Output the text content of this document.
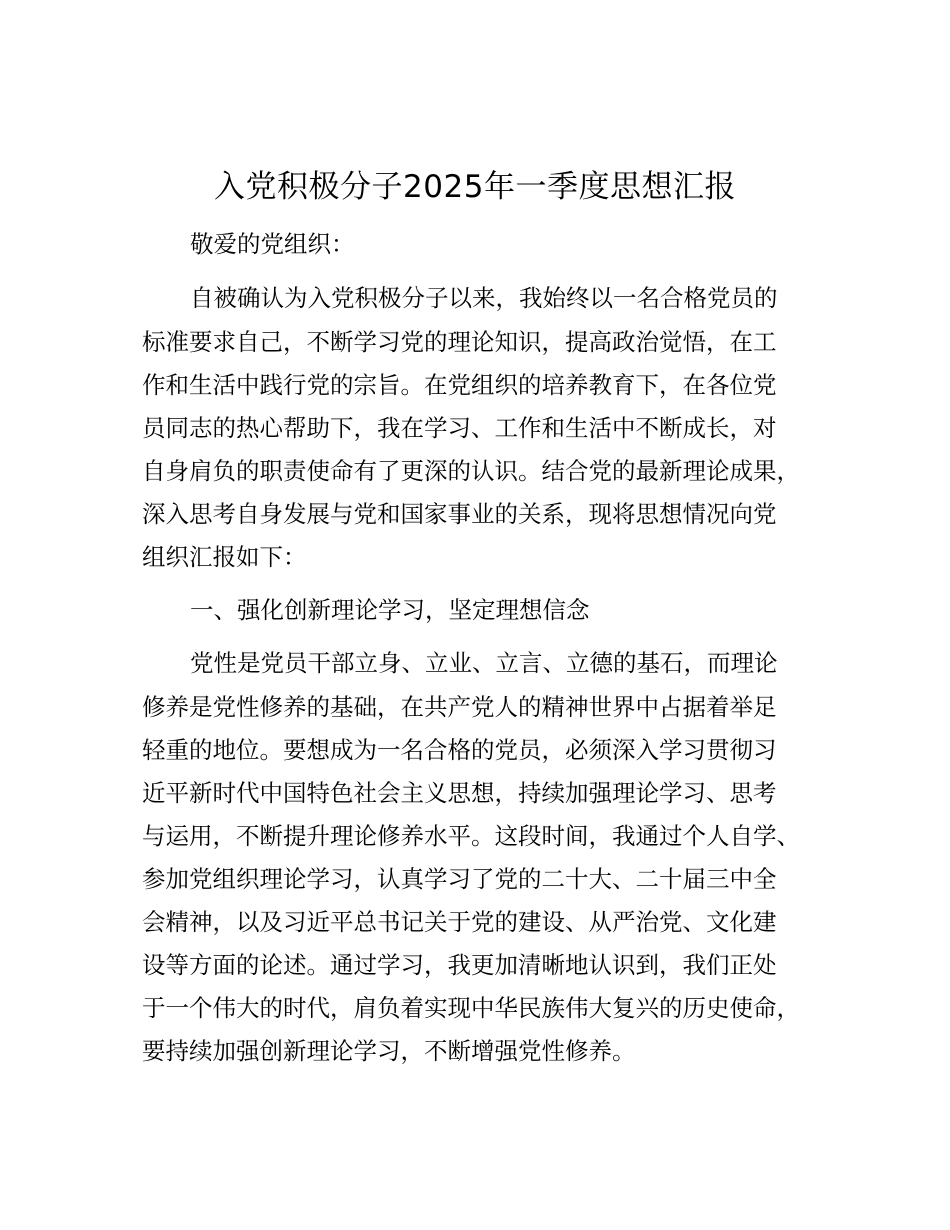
入党积极分子2025年一季度思想汇报
敬爱的党组织：
自被确认为入党积极分子以来，我始终以一名合格党员的
标准要求自己，不断学习党的理论知识，提高政治觉悟，在工
作和生活中践行党的宗旨。在党组织的培养教育下，在各位党
员同志的热心帮助下，我在学习、工作和生活中不断成长，对
自身肩负的职责使命有了更深的认识。结合党的最新理论成果，
深入思考自身发展与党和国家事业的关系，现将思想情况向党
组织汇报如下：
一、强化创新理论学习，坚定理想信念
党性是党员干部立身、立业、立言、立德的基石，而理论
修养是党性修养的基础，在共产党人的精神世界中占据着举足
轻重的地位。要想成为一名合格的党员，必须深入学习贯彻习
近平新时代中国特色社会主义思想，持续加强理论学习、思考
与运用，不断提升理论修养水平。这段时间，我通过个人自学、
参加党组织理论学习，认真学习了党的二十大、二十届三中全
会精神，以及习近平总书记关于党的建设、从严治党、文化建
设等方面的论述。通过学习，我更加清晰地认识到，我们正处
于一个伟大的时代，肩负着实现中华民族伟大复兴的历史使命，
要持续加强创新理论学习，不断增强党性修养。
